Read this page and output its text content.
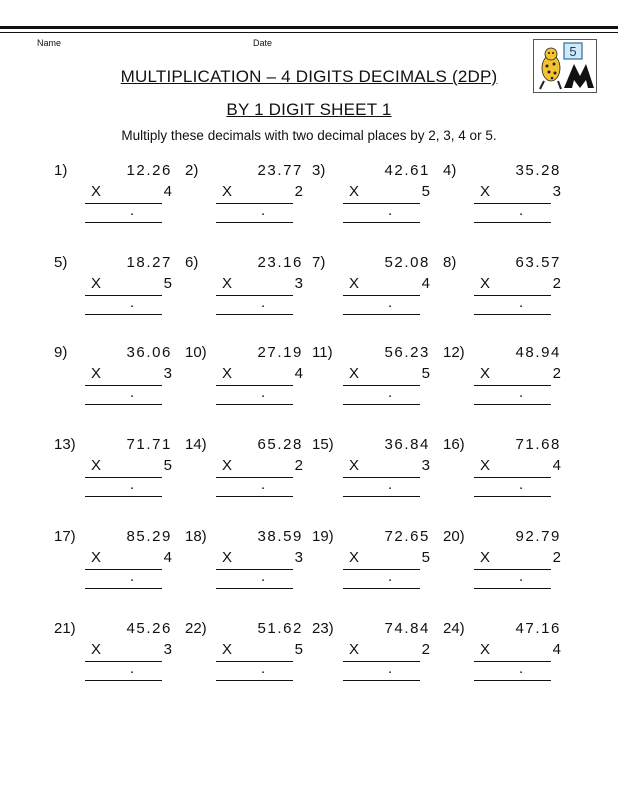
Name	Date
5
MULTIPLICATION – 4 DIGITS DECIMALS (2DP)
BY 1 DIGIT SHEET 1
Multiply these decimals with two decimal places by 2, 3, 4 or 5.
1)	12.26
X	4
.
2)	23.77
X	2
.
3)	42.61
X	5
.
4)	35.28
X	3
.
5)	18.27
X	5
.
6)	23.16
X	3
.
7)	52.08
X	4
.
8)	63.57
X	2
.
9)	36.06
X	3
.
10)	27.19
X	4
.
11)	56.23
X	5
.
12)	48.94
X	2
.
13)	71.71
X	5
.
14)	65.28
X	2
.
15)	36.84
X	3
.
16)	71.68
X	4
.
17)	85.29
X	4
.
18)	38.59
X	3
.
19)	72.65
X	5
.
20)	92.79
X	2
.
21)	45.26
X	3
.
22)	51.62
X	5
.
23)	74.84
X	2
.
24)	47.16
X	4
.
